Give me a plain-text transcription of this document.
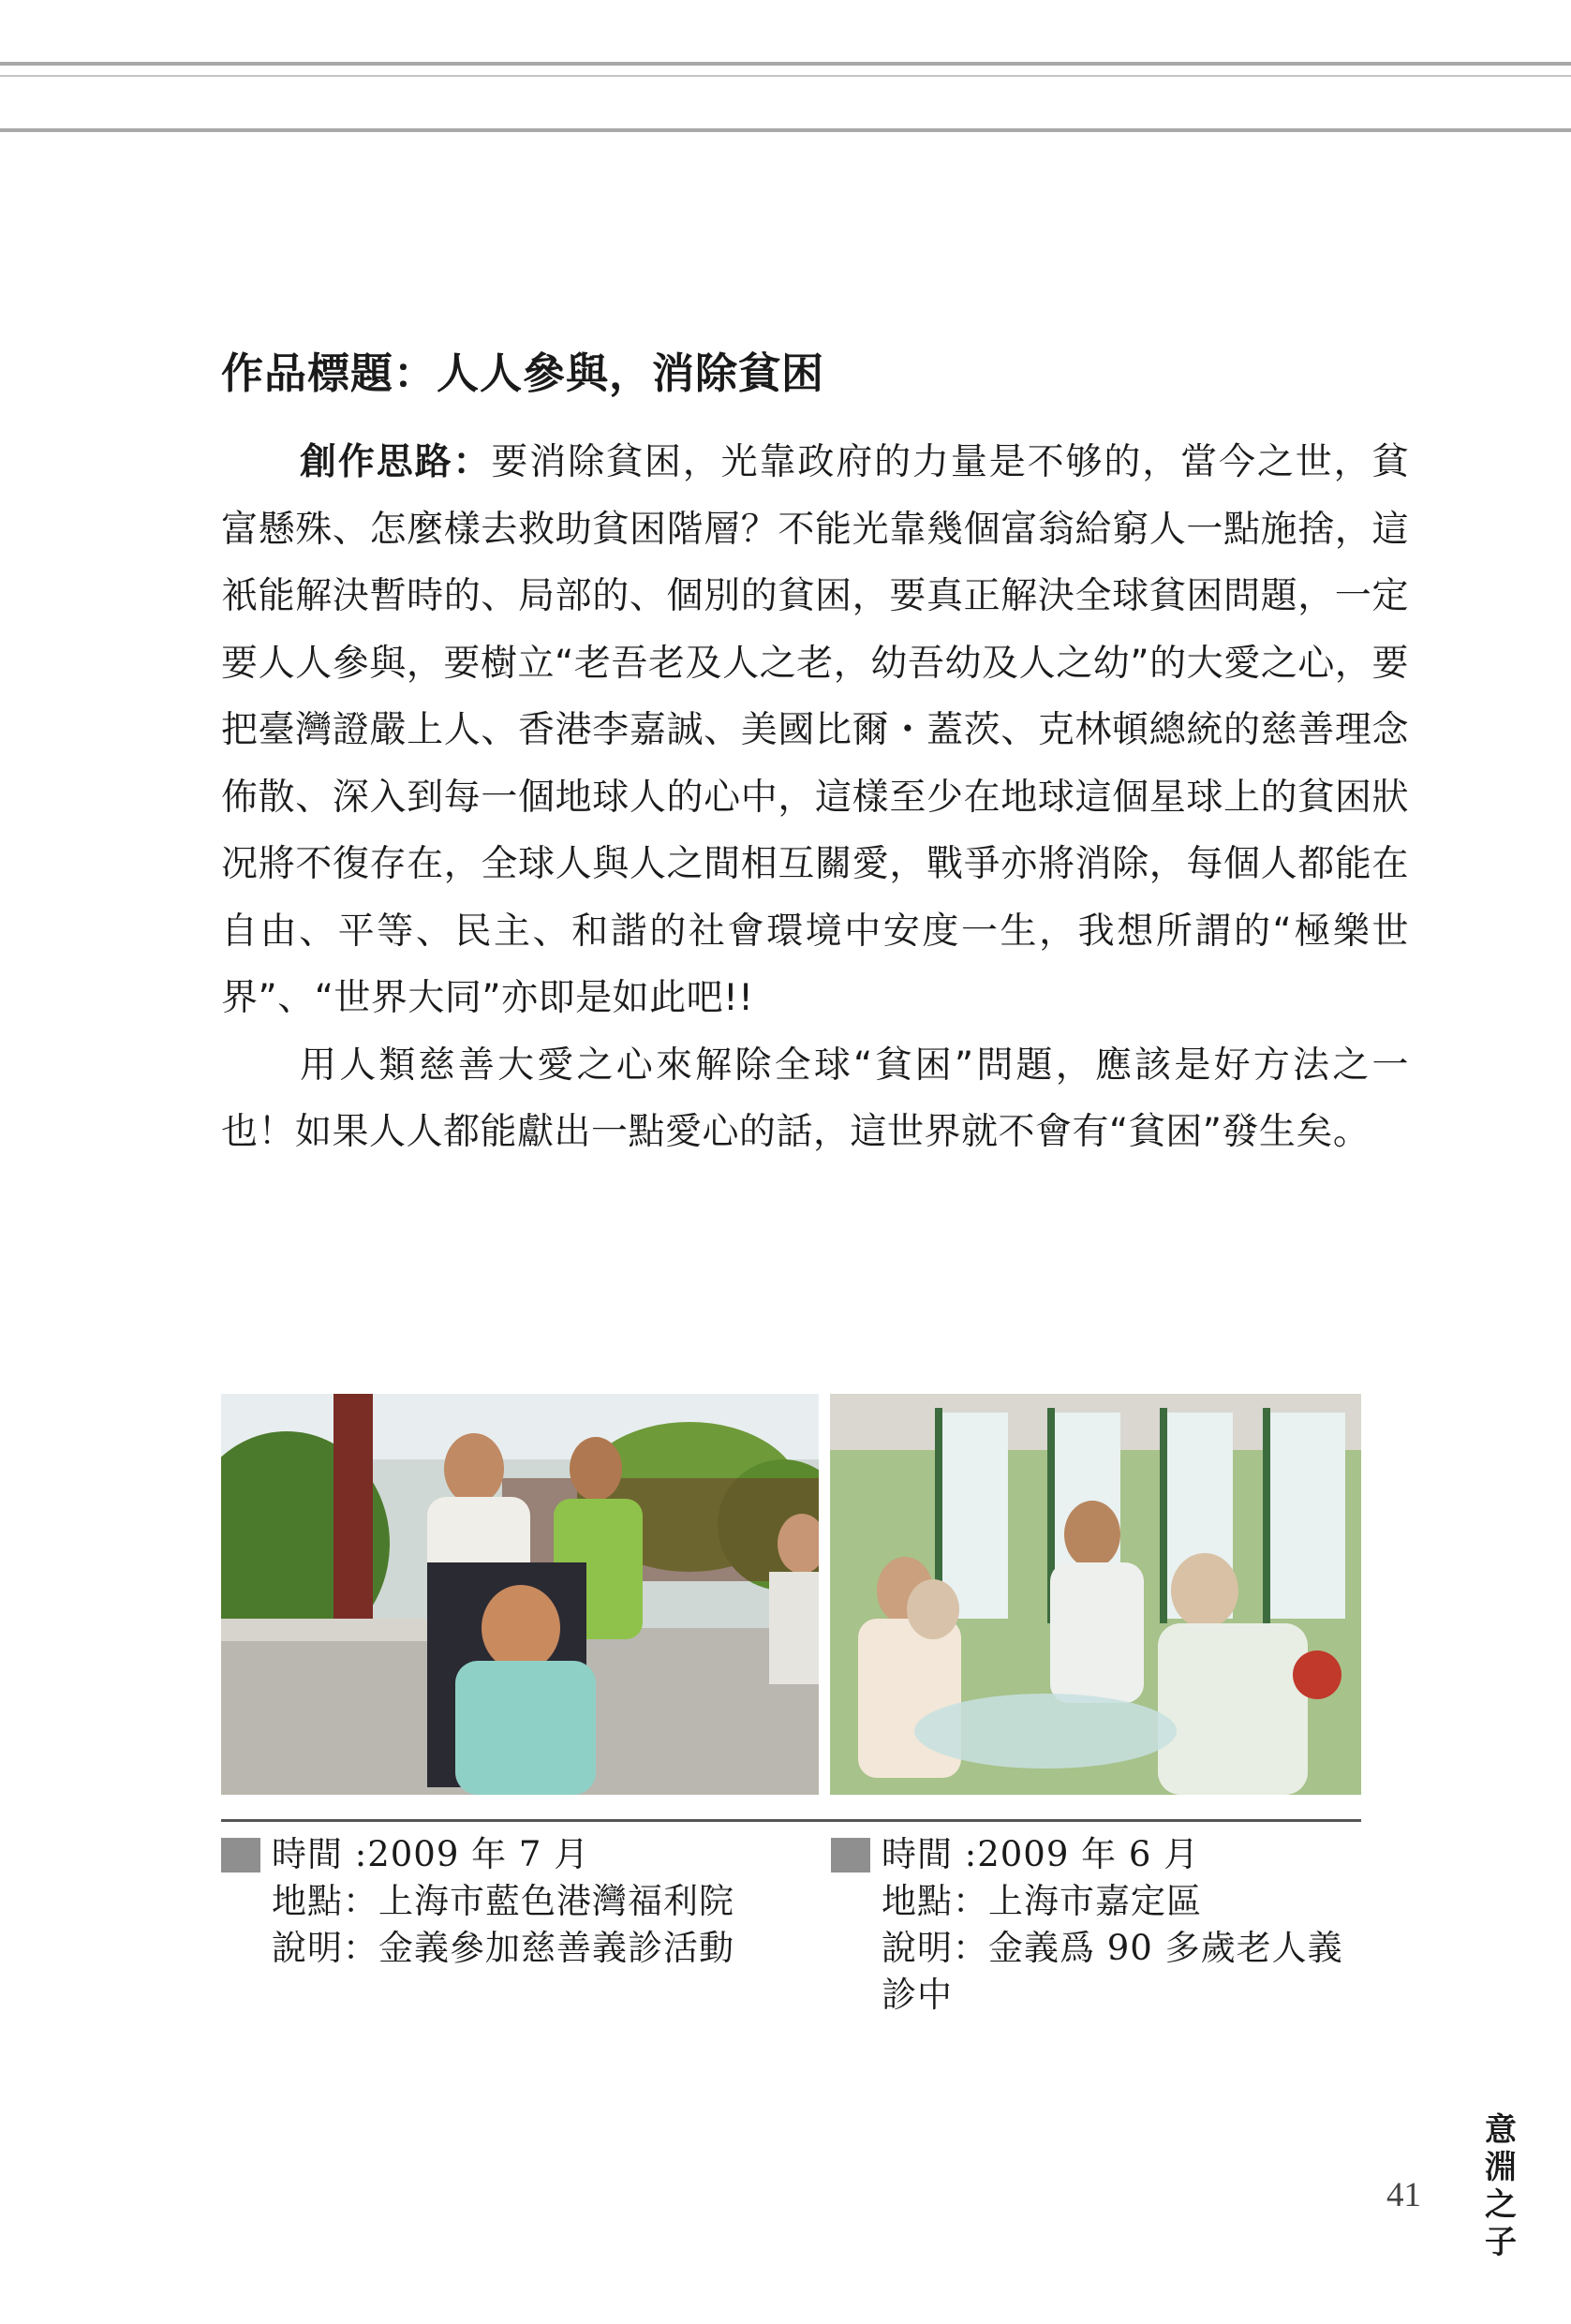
作品標題：人人參與，消除貧困

創作思路：要消除貧困，光靠政府的力量是不够的，當今之世，貧富懸殊、怎麼樣去救助貧困階層？不能光靠幾個富翁給窮人一點施捨，這衹能解決暫時的、局部的、個別的貧困，要真正解決全球貧困問題，一定要人人參與，要樹立“老吾老及人之老，幼吾幼及人之幼”的大愛之心，要把臺灣證嚴上人、香港李嘉誠、美國比爾・蓋茨、克林頓總統的慈善理念佈散、深入到每一個地球人的心中，這樣至少在地球這個星球上的貧困狀况將不復存在，全球人與人之間相互關愛，戰爭亦將消除，每個人都能在自由、平等、民主、和諧的社會環境中安度一生，我想所謂的“極樂世界”、“世界大同”亦即是如此吧!!

用人類慈善大愛之心來解除全球“貧困”問題，應該是好方法之一也！如果人人都能獻出一點愛心的話，這世界就不會有“貧困”發生矣。

時間 :2009 年 7 月
地點：上海市藍色港灣福利院
說明：金義參加慈善義診活動
時間 :2009 年 6 月
地點：上海市嘉定區
說明：金義爲 90 多歲老人義診中
41
意淵之子
